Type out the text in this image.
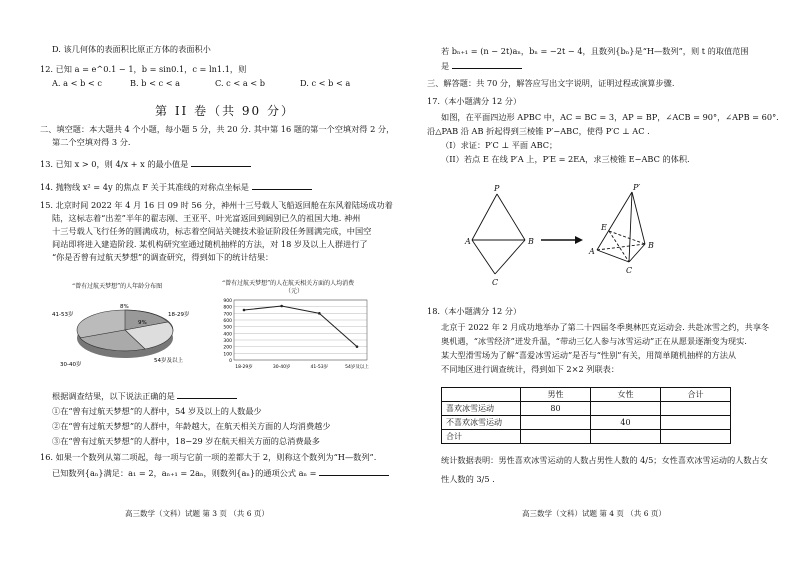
D. 该几何体的表面积比原正方体的表面积小
12. 已知 a = e^0.1 − 1，b = sin0.1，c = ln1.1，则
A. a < b < c	B. b < c < a	C. c < a < b	D. c < b < a
第 II 卷（共 90 分）
二、填空题：本大题共 4 个小题，每小题 5 分，共 20 分. 其中第 16 题的第一个空填对得 2 分，
第二个空填对得 3 分.
13. 已知 x > 0，则 4/x + x 的最小值是
14. 抛物线 x² = 4y 的焦点 F 关于其准线的对称点坐标是
15. 北京时间 2022 年 4 月 16 日 09 时 56 分，神州十三号载人飞船返回舱在东风着陆场成功着
陆，这标志着“出差”半年的翟志刚、王亚平、叶光富返回到阔别已久的祖国大地. 神州
十三号载人飞行任务的圆满成功，标志着空间站关键技术验证阶段任务圆满完成，中国空
间站即将进入建造阶段. 某机构研究室通过随机抽样的方法，对 18 岁及以上人群进行了
“你是否曾有过航天梦想”的调查研究，得到如下的统计结果：
“曾有过航天梦想”的人年龄分布图
41-53岁	18-29岁
30-40岁
54岁及以上
8%
9%
“曾有过航天梦想”的人在航天相关方面的人均消费
（元）
0
100
200
300
400
500
600
700
800
900
18-29岁	30-40岁	41-53岁	54岁及以上
根据调查结果，以下说法正确的是
①在“曾有过航天梦想”的人群中，54 岁及以上的人数最少
②在“曾有过航天梦想”的人群中，年龄越大，在航天相关方面的人均消费越少
③在“曾有过航天梦想”的人群中，18−29 岁在航天相关方面的总消费最多
16. 如果一个数列从第二项起，每一项与它前一项的差都大于 2，则称这个数列为“H—数列”.
已知数列{aₙ}满足：a₁ = 2，aₙ₊₁ = 2aₙ，则数列{aₙ}的通项公式 aₙ =
高三数学（文科）试题 第 3 页 （共 6 页）
若 bₙ₊₁ = (n − 2t)aₙ，bₙ = −2t − 4，且数列{bₙ}是“H—数列”，则 t 的取值范围
是
三、解答题：共 70 分，解答应写出文字说明，证明过程或演算步骤.
17.（本小题满分 12 分）
如图，在平面四边形 APBC 中，AC = BC = 3，AP = BP，∠ACB = 90°，∠APB = 60°.
沿△PAB 沿 AB 折起得到三棱锥 P′−ABC，使得 P′C ⊥ AC .
（I）求证：P′C ⊥ 平面 ABC；
（II）若点 E 在线 P′A 上，P′E = 2EA，求三棱锥 E−ABC 的体积.
P
A	B
C
P′
E
A
B
C
18.（本小题满分 12 分）
北京于 2022 年 2 月成功地举办了第二十四届冬季奥林匹克运动会. 共赴冰雪之约，共享冬
奥机遇，“冰雪经济”迸发升温，“带动三亿人参与冰雪运动”正在从愿景逐渐变为现实.
某大型滑雪场为了解“喜爱冰雪运动”是否与“性别”有关，用简单随机抽样的方法从
不同地区进行调查统计，得到如下 2×2 列联表：
	男性	女性	合计
喜欢冰雪运动	80		
不喜欢冰雪运动		40	
合计			
统计数据表明：男性喜欢冰雪运动的人数占男性人数的 4/5；女性喜欢冰雪运动的人数占女
性人数的 3/5 .
高三数学（文科）试题 第 4 页 （共 6 页）
